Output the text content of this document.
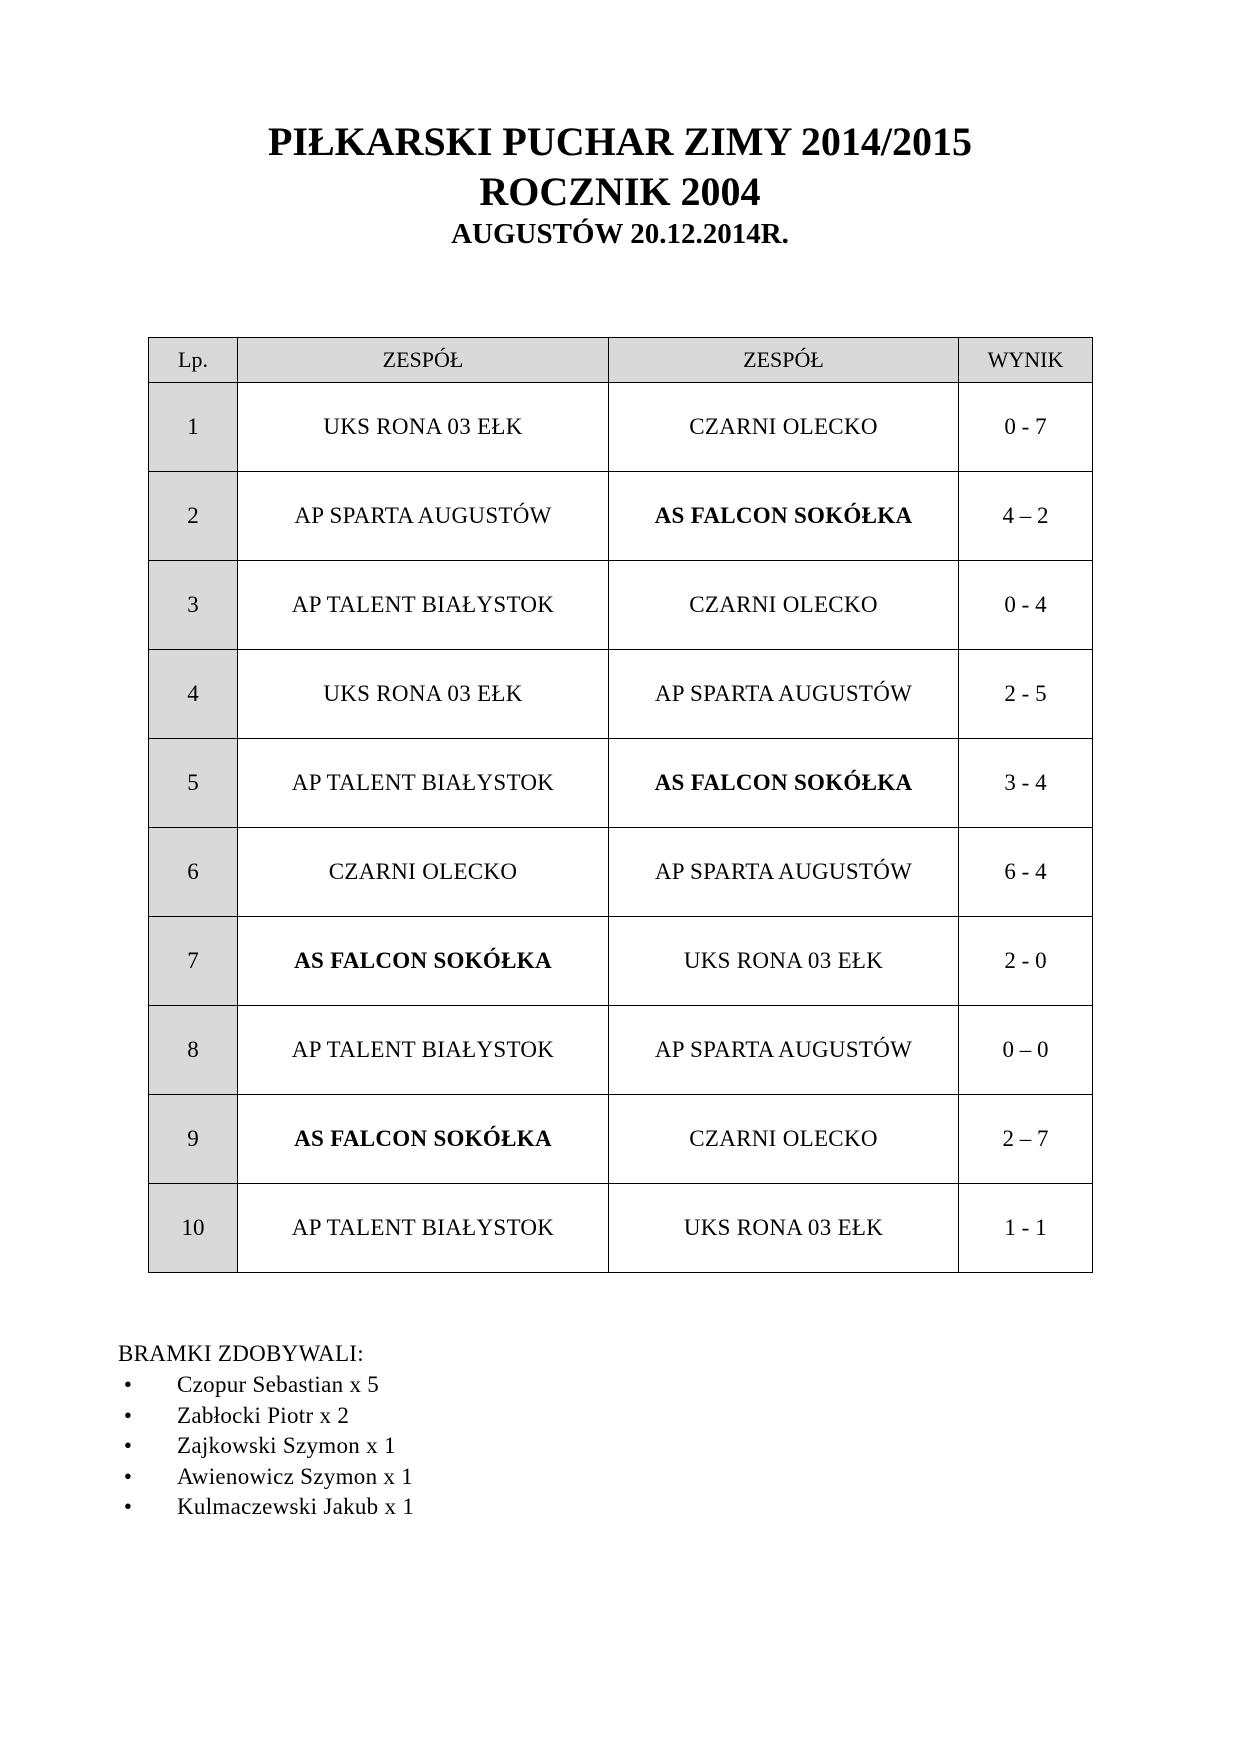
PIŁKARSKI PUCHAR ZIMY 2014/2015
ROCZNIK 2004
AUGUSTÓW 20.12.2014R.
Lp.	ZESPÓŁ	ZESPÓŁ	WYNIK
1	UKS RONA 03 EŁK	CZARNI OLECKO	0 - 7
2	AP SPARTA AUGUSTÓW	AS FALCON SOKÓŁKA	4 – 2
3	AP TALENT BIAŁYSTOK	CZARNI OLECKO	0 - 4
4	UKS RONA 03 EŁK	AP SPARTA AUGUSTÓW	2 - 5
5	AP TALENT BIAŁYSTOK	AS FALCON SOKÓŁKA	3 - 4
6	CZARNI OLECKO	AP SPARTA AUGUSTÓW	6 - 4
7	AS FALCON SOKÓŁKA	UKS RONA 03 EŁK	2 - 0
8	AP TALENT BIAŁYSTOK	AP SPARTA AUGUSTÓW	0 – 0
9	AS FALCON SOKÓŁKA	CZARNI OLECKO	2 – 7
10	AP TALENT BIAŁYSTOK	UKS RONA 03 EŁK	1 - 1

BRAMKI ZDOBYWALI:

• Czopur Sebastian x 5
• Zabłocki Piotr x 2
• Zajkowski Szymon x 1
• Awienowicz Szymon x 1
• Kulmaczewski Jakub x 1
